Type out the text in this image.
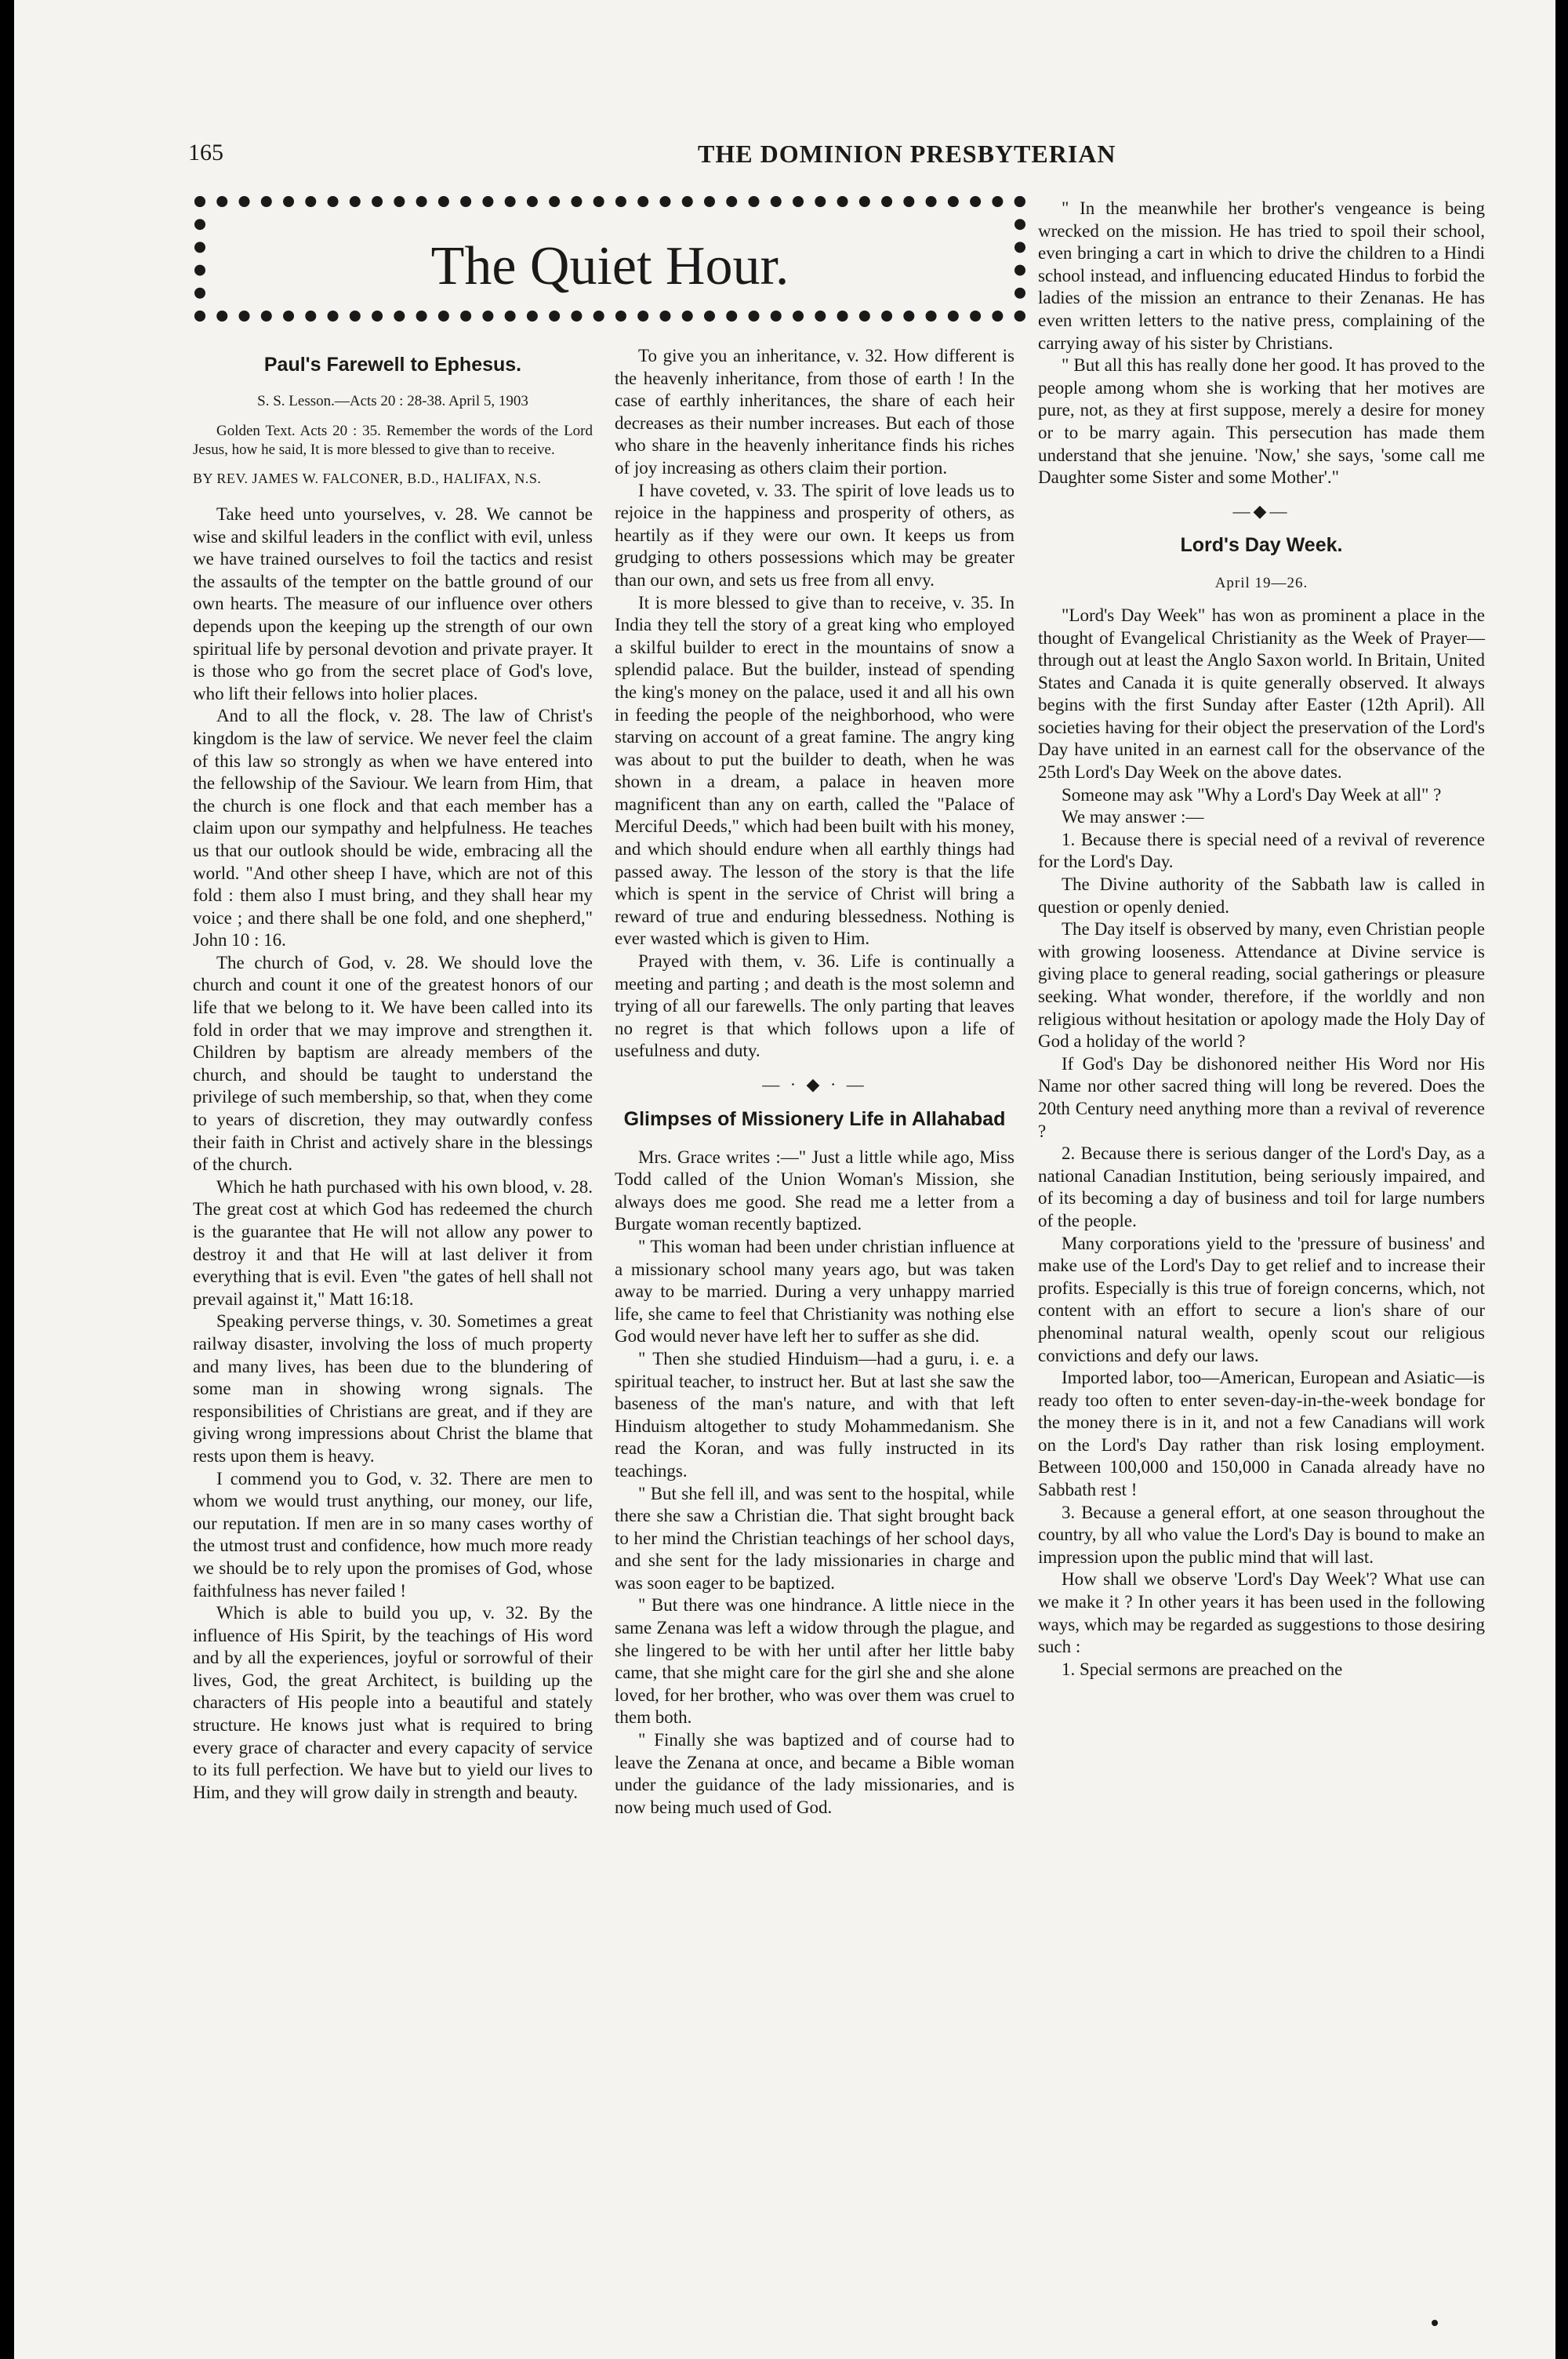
165	THE DOMINION PRESBYTERIAN
The Quiet Hour.
Paul's Farewell to Ephesus.

S. S. Lesson.—Acts 20 : 28-38. April 5, 1903

Golden Text. Acts 20 : 35. Remember the words of the Lord Jesus, how he said, It is more blessed to give than to receive.

BY REV. JAMES W. FALCONER, B.D., HALIFAX, N.S.

Take heed unto yourselves, v. 28. We cannot be wise and skilful leaders in the conflict with evil, unless we have trained ourselves to foil the tactics and resist the assaults of the tempter on the battle ground of our own hearts. The measure of our influence over others depends upon the keeping up the strength of our own spiritual life by personal devotion and private prayer. It is those who go from the secret place of God's love, who lift their fellows into holier places.

And to all the flock, v. 28. The law of Christ's kingdom is the law of service. We never feel the claim of this law so strongly as when we have entered into the fellowship of the Saviour. We learn from Him, that the church is one flock and that each member has a claim upon our sympathy and helpfulness. He teaches us that our outlook should be wide, embracing all the world. "And other sheep I have, which are not of this fold : them also I must bring, and they shall hear my voice ; and there shall be one fold, and one shepherd," John 10 : 16.

The church of God, v. 28. We should love the church and count it one of the greatest honors of our life that we belong to it. We have been called into its fold in order that we may improve and strengthen it. Children by baptism are already members of the church, and should be taught to understand the privilege of such membership, so that, when they come to years of discretion, they may outwardly confess their faith in Christ and actively share in the blessings of the church.

Which he hath purchased with his own blood, v. 28. The great cost at which God has redeemed the church is the guarantee that He will not allow any power to destroy it and that He will at last deliver it from everything that is evil. Even "the gates of hell shall not prevail against it," Matt 16:18.

Speaking perverse things, v. 30. Sometimes a great railway disaster, involving the loss of much property and many lives, has been due to the blundering of some man in showing wrong signals. The responsibilities of Christians are great, and if they are giving wrong impressions about Christ the blame that rests upon them is heavy.

I commend you to God, v. 32. There are men to whom we would trust anything, our money, our life, our reputation. If men are in so many cases worthy of the utmost trust and confidence, how much more ready we should be to rely upon the promises of God, whose faithfulness has never failed !

Which is able to build you up, v. 32. By the influence of His Spirit, by the teachings of His word and by all the experiences, joyful or sorrowful of their lives, God, the great Architect, is building up the characters of His people into a beautiful and stately structure. He knows just what is required to bring every grace of character and every capacity of service to its full perfection. We have but to yield our lives to Him, and they will grow daily in strength and beauty.

To give you an inheritance, v. 32. How different is the heavenly inheritance, from those of earth ! In the case of earthly inheritances, the share of each heir decreases as their number increases. But each of those who share in the heavenly inheritance finds his riches of joy increasing as others claim their portion.

I have coveted, v. 33. The spirit of love leads us to rejoice in the happiness and prosperity of others, as heartily as if they were our own. It keeps us from grudging to others possessions which may be greater than our own, and sets us free from all envy.

It is more blessed to give than to receive, v. 35. In India they tell the story of a great king who employed a skilful builder to erect in the mountains of snow a splendid palace. But the builder, instead of spending the king's money on the palace, used it and all his own in feeding the people of the neighborhood, who were starving on account of a great famine. The angry king was about to put the builder to death, when he was shown in a dream, a palace in heaven more magnificent than any on earth, called the "Palace of Merciful Deeds," which had been built with his money, and which should endure when all earthly things had passed away. The lesson of the story is that the life which is spent in the service of Christ will bring a reward of true and enduring blessedness. Nothing is ever wasted which is given to Him.

Prayed with them, v. 36. Life is continually a meeting and parting ; and death is the most solemn and trying of all our farewells. The only parting that leaves no regret is that which follows upon a life of usefulness and duty.

— · ◆ · —
Glimpses of Missionery Life in Allahabad

Mrs. Grace writes :—" Just a little while ago, Miss Todd called of the Union Woman's Mission, she always does me good. She read me a letter from a Burgate woman recently baptized.

" This woman had been under christian influence at a missionary school many years ago, but was taken away to be married. During a very unhappy married life, she came to feel that Christianity was nothing else God would never have left her to suffer as she did.

" Then she studied Hinduism—had a guru, i. e. a spiritual teacher, to instruct her. But at last she saw the baseness of the man's nature, and with that left Hinduism altogether to study Mohammedanism. She read the Koran, and was fully instructed in its teachings.

" But she fell ill, and was sent to the hospital, while there she saw a Christian die. That sight brought back to her mind the Christian teachings of her school days, and she sent for the lady missionaries in charge and was soon eager to be baptized.

" But there was one hindrance. A little niece in the same Zenana was left a widow through the plague, and she lingered to be with her until after her little baby came, that she might care for the girl she and she alone loved, for her brother, who was over them was cruel to them both.

" Finally she was baptized and of course had to leave the Zenana at once, and became a Bible woman under the guidance of the lady missionaries, and is now being much used of God.

" In the meanwhile her brother's vengeance is being wrecked on the mission. He has tried to spoil their school, even bringing a cart in which to drive the children to a Hindi school instead, and influencing educated Hindus to forbid the ladies of the mission an entrance to their Zenanas. He has even written letters to the native press, complaining of the carrying away of his sister by Christians.

" But all this has really done her good. It has proved to the people among whom she is working that her motives are pure, not, as they at first suppose, merely a desire for money or to be marry again. This persecution has made them understand that she jenuine. 'Now,' she says, 'some call me Daughter some Sister and some Mother'."

—◆—
Lord's Day Week.

April 19—26.

"Lord's Day Week" has won as prominent a place in the thought of Evangelical Christianity as the Week of Prayer—through out at least the Anglo Saxon world. In Britain, United States and Canada it is quite generally observed. It always begins with the first Sunday after Easter (12th April). All societies having for their object the preservation of the Lord's Day have united in an earnest call for the observance of the 25th Lord's Day Week on the above dates.

Someone may ask "Why a Lord's Day Week at all" ?

We may answer :—

1. Because there is special need of a revival of reverence for the Lord's Day.

The Divine authority of the Sabbath law is called in question or openly denied.

The Day itself is observed by many, even Christian people with growing looseness. Attendance at Divine service is giving place to general reading, social gatherings or pleasure seeking. What wonder, therefore, if the worldly and non religious without hesitation or apology made the Holy Day of God a holiday of the world ?

If God's Day be dishonored neither His Word nor His Name nor other sacred thing will long be revered. Does the 20th Century need anything more than a revival of reverence ?

2. Because there is serious danger of the Lord's Day, as a national Canadian Institution, being seriously impaired, and of its becoming a day of business and toil for large numbers of the people.

Many corporations yield to the 'pressure of business' and make use of the Lord's Day to get relief and to increase their profits. Especially is this true of foreign concerns, which, not content with an effort to secure a lion's share of our phenominal natural wealth, openly scout our religious convictions and defy our laws.

Imported labor, too—American, European and Asiatic—is ready too often to enter seven-day-in-the-week bondage for the money there is in it, and not a few Canadians will work on the Lord's Day rather than risk losing employment. Between 100,000 and 150,000 in Canada already have no Sabbath rest !

3. Because a general effort, at one season throughout the country, by all who value the Lord's Day is bound to make an impression upon the public mind that will last.

How shall we observe 'Lord's Day Week'? What use can we make it ? In other years it has been used in the following ways, which may be regarded as suggestions to those desiring such :

1. Special sermons are preached on the
